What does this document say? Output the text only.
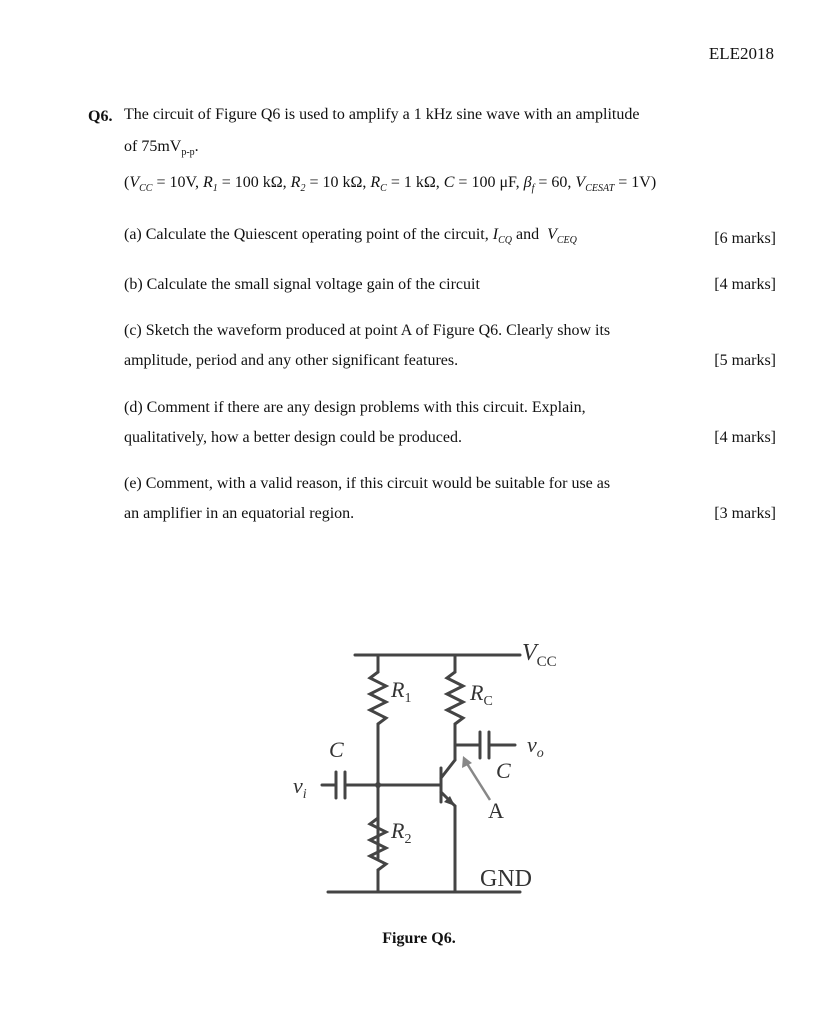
ELE2018
Q6. The circuit of Figure Q6 is used to amplify a 1 kHz sine wave with an amplitude
of $75mV_{p-p}$.
($V_{CC} = 10V$, $R_1 = 100$ kΩ, $R_2 = 10$ kΩ, $R_C = 1$ kΩ, C = 100 μF, $\beta_f = 60$, $V_{CESAT} = 1V$)
(a) Calculate the Quiescent operating point of the circuit, $I_{CQ}$ and $V_{CEQ}$	[6 marks]
(b) Calculate the small signal voltage gain of the circuit	[4 marks]
(c) Sketch the waveform produced at point A of Figure Q6. Clearly show its
amplitude, period and any other significant features.	[5 marks]
(d) Comment if there are any design problems with this circuit. Explain,
qualitatively, how a better design could be produced.	[4 marks]
(e) Comment, with a valid reason, if this circuit would be suitable for use as
an amplifier in an equatorial region.	[3 marks]
$V_{CC}$
$R_1$	$R_C$
C
C
$v_o$
$v_i$
A
$R_2$
GND
Figure Q6.
